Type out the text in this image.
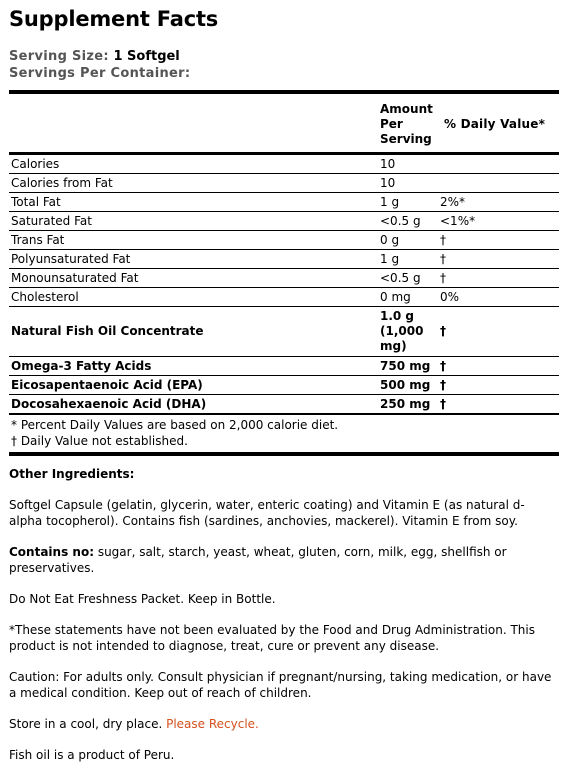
Supplement Facts
Serving Size: 1 Softgel
Servings Per Container:

	Amount
Per
Serving	% Daily Value*
Calories	10	
Calories from Fat	10	
Total Fat	1 g	2%*
Saturated Fat	<0.5 g	<1%*
Trans Fat	0 g	†
Polyunsaturated Fat	1 g	†
Monounsaturated Fat	<0.5 g	†
Cholesterol	0 mg	0%
Natural Fish Oil Concentrate	1.0 g
(1,000
mg)	†
Omega-3 Fatty Acids	750 mg	†
Eicosapentaenoic Acid (EPA)	500 mg	†
Docosahexaenoic Acid (DHA)	250 mg	†
* Percent Daily Values are based on 2,000 calorie diet.
† Daily Value not established.
Other Ingredients:
Softgel Capsule (gelatin, glycerin, water, enteric coating) and Vitamin E (as natural d-alpha tocopherol). Contains fish (sardines, anchovies, mackerel). Vitamin E from soy.
Contains no: sugar, salt, starch, yeast, wheat, gluten, corn, milk, egg, shellfish or preservatives.
Do Not Eat Freshness Packet. Keep in Bottle.
*These statements have not been evaluated by the Food and Drug Administration. This product is not intended to diagnose, treat, cure or prevent any disease.
Caution: For adults only. Consult physician if pregnant/nursing, taking medication, or have a medical condition. Keep out of reach of children.
Store in a cool, dry place. Please Recycle.
Fish oil is a product of Peru.
